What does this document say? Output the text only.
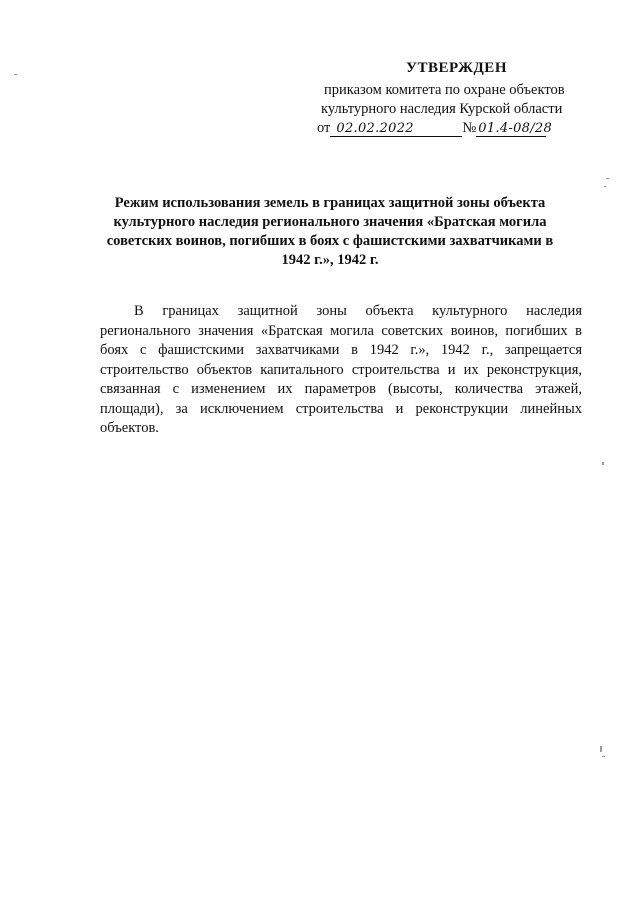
УТВЕРЖДЕН
приказом комитета по охране объектов
культурного наследия Курской области
от 02.02.2022	№ 01.4-08/28
Режим использования земель в границах защитной зоны объекта культурного наследия регионального значения «Братская могила советских воинов, погибших в боях с фашистскими захватчиками в 1942 г.», 1942 г.
В границах защитной зоны объекта культурного наследия регионального значения «Братская могила советских воинов, погибших в боях с фашистскими захватчиками в 1942 г.», 1942 г., запрещается строительство объектов капитального строительства и их реконструкция, связанная с изменением их параметров (высоты, количества этажей, площади), за исключением строительства и реконструкции линейных объектов.
